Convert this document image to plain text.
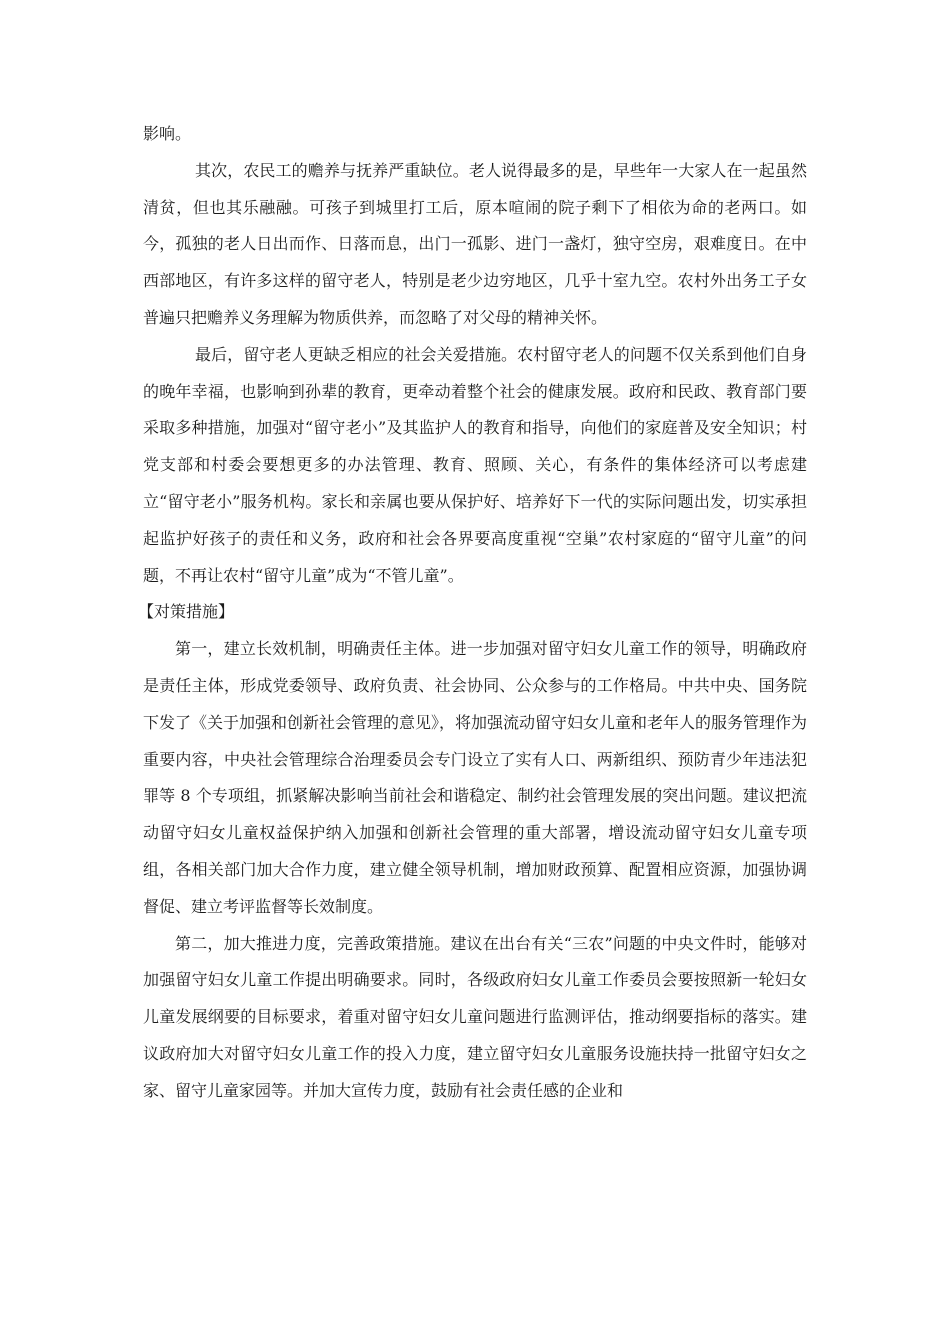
影响。

其次，农民工的赡养与抚养严重缺位。老人说得最多的是，早些年一大家人在一起虽然清贫，但也其乐融融。可孩子到城里打工后，原本喧闹的院子剩下了相依为命的老两口。如今，孤独的老人日出而作、日落而息，出门一孤影、进门一盏灯，独守空房，艰难度日。在中西部地区，有许多这样的留守老人，特别是老少边穷地区，几乎十室九空。农村外出务工子女普遍只把赡养义务理解为物质供养，而忽略了对父母的精神关怀。

最后，留守老人更缺乏相应的社会关爱措施。农村留守老人的问题不仅关系到他们自身的晚年幸福，也影响到孙辈的教育，更牵动着整个社会的健康发展。政府和民政、教育部门要采取多种措施，加强对“留守老小”及其监护人的教育和指导，向他们的家庭普及安全知识；村党支部和村委会要想更多的办法管理、教育、照顾、关心，有条件的集体经济可以考虑建立“留守老小”服务机构。家长和亲属也要从保护好、培养好下一代的实际问题出发，切实承担起监护好孩子的责任和义务，政府和社会各界要高度重视“空巢”农村家庭的“留守儿童”的问题，不再让农村“留守儿童”成为“不管儿童”。

【对策措施】

第一，建立长效机制，明确责任主体。进一步加强对留守妇女儿童工作的领导，明确政府是责任主体，形成党委领导、政府负责、社会协同、公众参与的工作格局。中共中央、国务院下发了《关于加强和创新社会管理的意见》，将加强流动留守妇女儿童和老年人的服务管理作为重要内容，中央社会管理综合治理委员会专门设立了实有人口、两新组织、预防青少年违法犯罪等 8 个专项组，抓紧解决影响当前社会和谐稳定、制约社会管理发展的突出问题。建议把流动留守妇女儿童权益保护纳入加强和创新社会管理的重大部署，增设流动留守妇女儿童专项组，各相关部门加大合作力度，建立健全领导机制，增加财政预算、配置相应资源，加强协调督促、建立考评监督等长效制度。

第二，加大推进力度，完善政策措施。建议在出台有关“三农”问题的中央文件时，能够对加强留守妇女儿童工作提出明确要求。同时，各级政府妇女儿童工作委员会要按照新一轮妇女儿童发展纲要的目标要求，着重对留守妇女儿童问题进行监测评估，推动纲要指标的落实。建议政府加大对留守妇女儿童工作的投入力度，建立留守妇女儿童服务设施扶持一批留守妇女之家、留守儿童家园等。并加大宣传力度，鼓励有社会责任感的企业和
